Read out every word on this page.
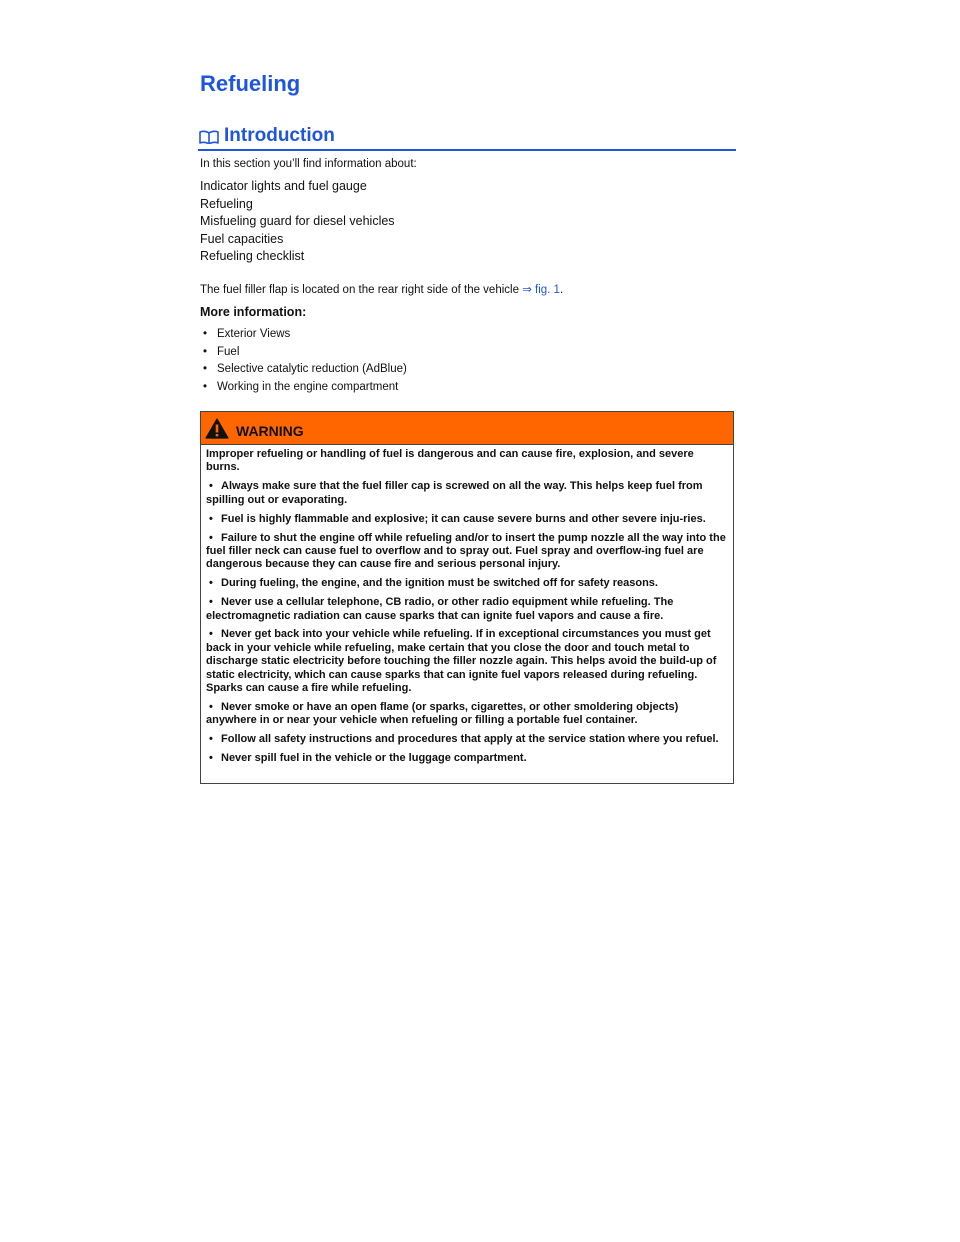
Refueling
Introduction
In this section you’ll find information about:
Indicator lights and fuel gauge
Refueling
Misfueling guard for diesel vehicles
Fuel capacities
Refueling checklist
The fuel filler flap is located on the rear right side of the vehicle ⇒ fig. 1.
More information:
• Exterior Views
• Fuel
• Selective catalytic reduction (AdBlue)
• Working in the engine compartment
WARNING

Improper refueling or handling of fuel is dangerous and can cause fire, explosion, and severe burns.

• Always make sure that the fuel filler cap is screwed on all the way. This helps keep fuel from spilling out or evaporating.
• Fuel is highly flammable and explosive; it can cause severe burns and other severe inju-ries.
• Failure to shut the engine off while refueling and/or to insert the pump nozzle all the way into the fuel filler neck can cause fuel to overflow and to spray out. Fuel spray and overflow-ing fuel are dangerous because they can cause fire and serious personal injury.
• During fueling, the engine, and the ignition must be switched off for safety reasons.
• Never use a cellular telephone, CB radio, or other radio equipment while refueling. The electromagnetic radiation can cause sparks that can ignite fuel vapors and cause a fire.
• Never get back into your vehicle while refueling. If in exceptional circumstances you must get back in your vehicle while refueling, make certain that you close the door and touch metal to discharge static electricity before touching the filler nozzle again. This helps avoid the build-up of static electricity, which can cause sparks that can ignite fuel vapors released during refueling. Sparks can cause a fire while refueling.
• Never smoke or have an open flame (or sparks, cigarettes, or other smoldering objects) anywhere in or near your vehicle when refueling or filling a portable fuel container.
• Follow all safety instructions and procedures that apply at the service station where you refuel.
• Never spill fuel in the vehicle or the luggage compartment.
